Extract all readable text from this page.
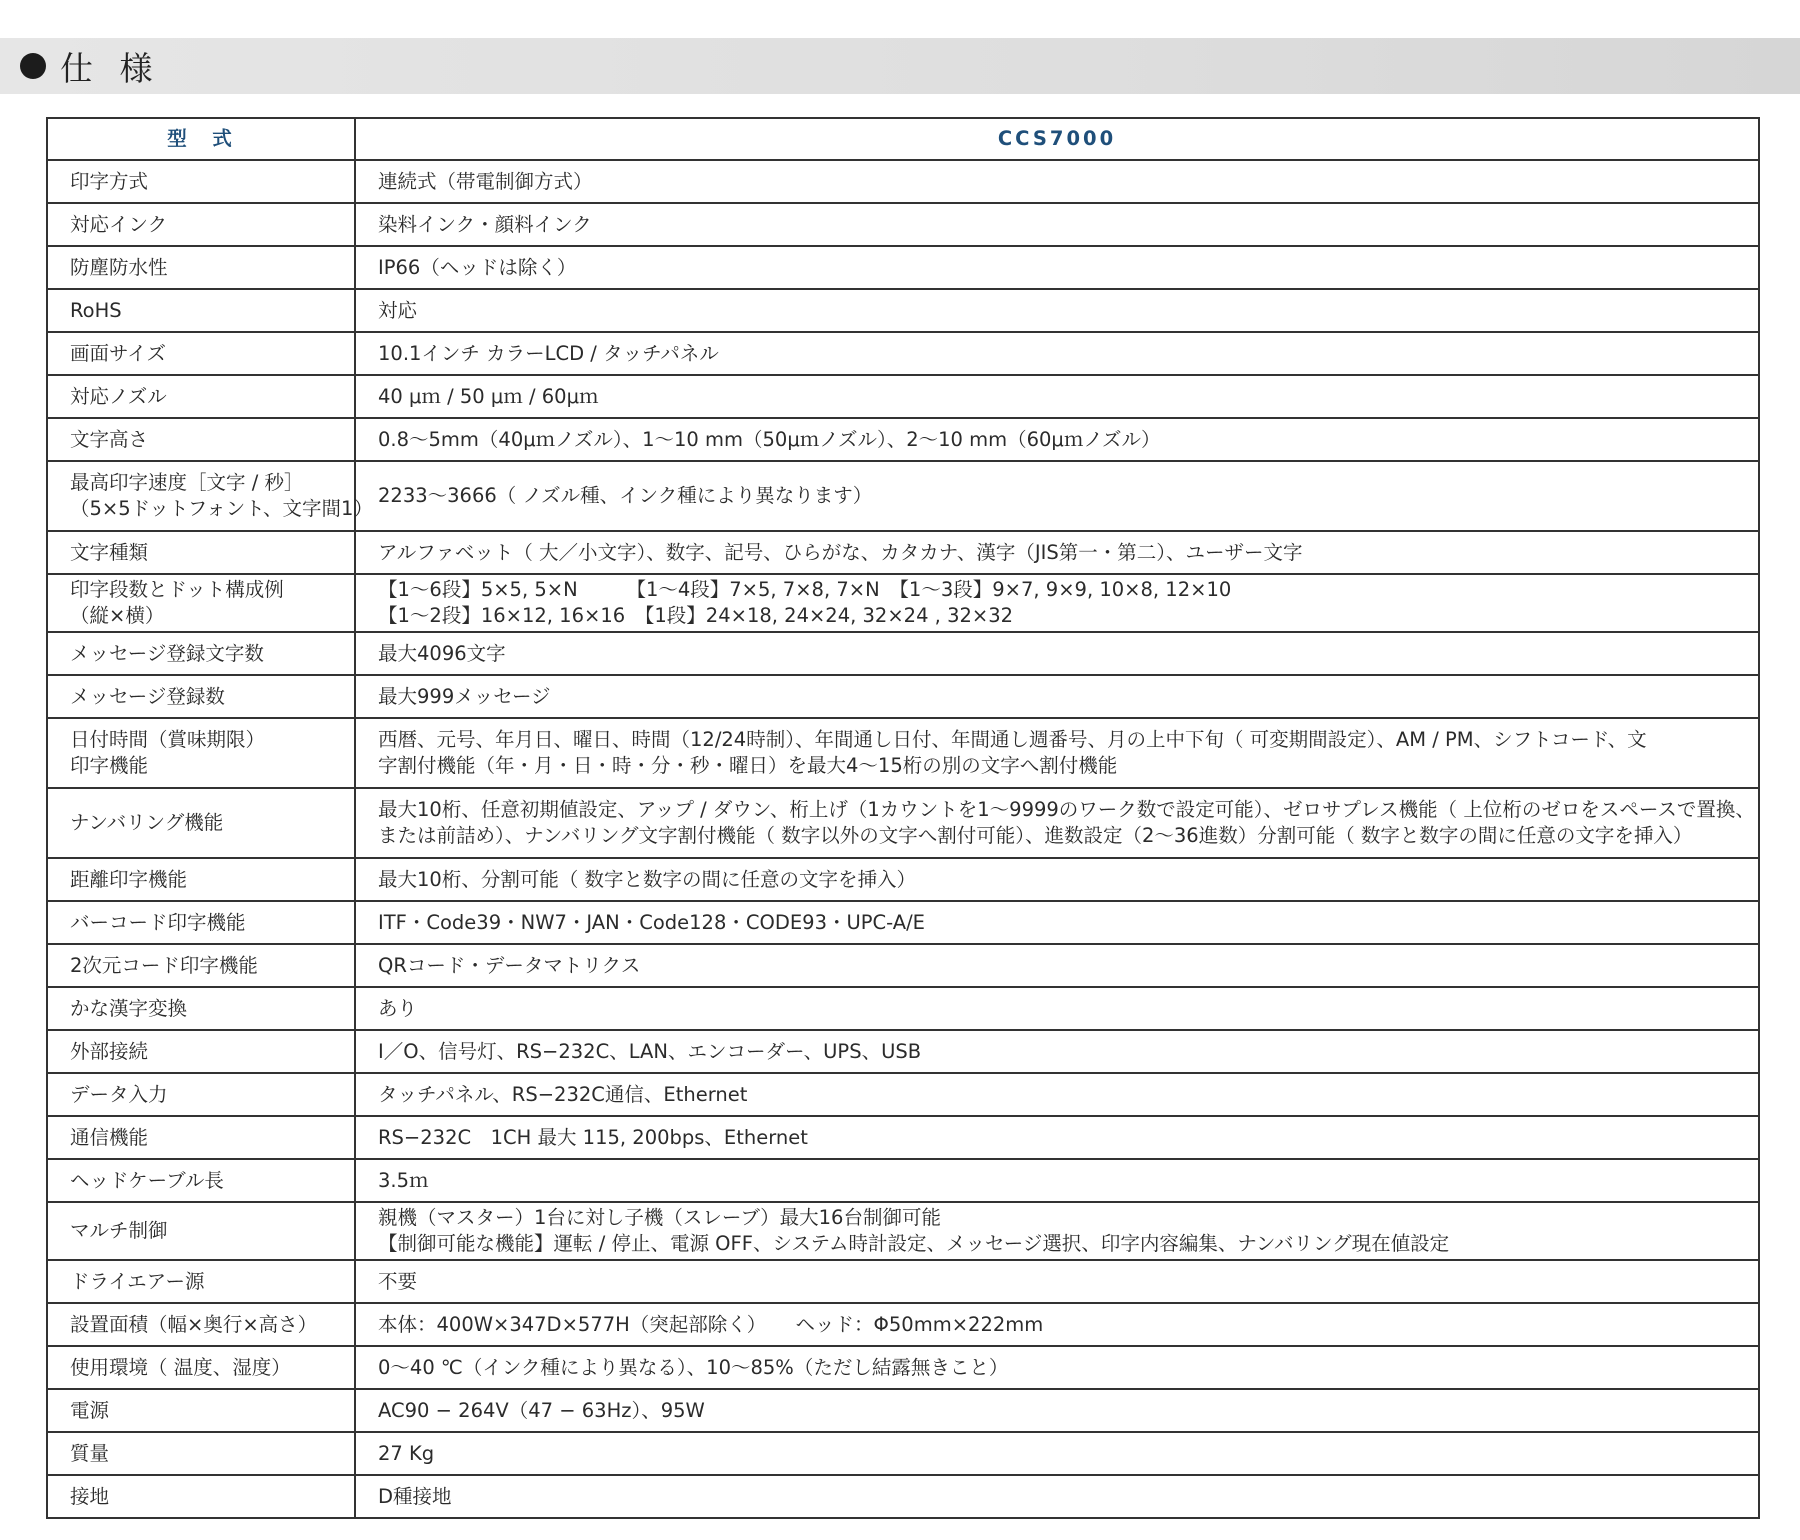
仕 様
型　式	CCS7000

印字方式	連続式（帯電制御方式）

対応インク	染料インク・顔料インク

防塵防水性	IP66（ヘッドは除く）

RoHS	対応

画面サイズ	10.1インチ カラーLCD / タッチパネル

対応ノズル	40 μｍ / 50 μｍ / 60μｍ

文字高さ	0.8〜5mm（40μｍノズル）、1〜10 mm（50μｍノズル）、2〜10 mm（60μｍノズル）

最高印字速度［文字 / 秒］
（5×5ドットフォント、文字間1）	2233〜3666（ ノズル種、インク種により異なります）

文字種類	アルファベット（ 大／小文字）、数字、記号、ひらがな、カタカナ、漢字（JIS第一・第二）、ユーザー文字

印字段数とドット構成例
（縦×横）	【1〜6段】5×5, 5×N　　　【1〜4段】7×5, 7×8, 7×N　【1〜3段】9×7, 9×9, 10×8, 12×10
【1〜2段】16×12, 16×16　【1段】24×18, 24×24, 32×24 , 32×32

メッセージ登録文字数	最大4096文字

メッセージ登録数	最大999メッセージ

日付時間（賞味期限）
印字機能	西暦、元号、年月日、曜日、時間（12/24時制）、年間通し日付、年間通し週番号、月の上中下旬（ 可変期間設定）、AM / PM、シフトコード、文
字割付機能（年・月・日・時・分・秒・曜日）を最大4〜15桁の別の文字へ割付機能

ナンバリング機能	最大10桁、任意初期値設定、アップ / ダウン、桁上げ（1カウントを1〜9999のワーク数で設定可能）、ゼロサプレス機能（ 上位桁のゼロをスペースで置換、
または前詰め）、ナンバリング文字割付機能（ 数字以外の文字へ割付可能）、進数設定（2〜36進数）分割可能（ 数字と数字の間に任意の文字を挿入）

距離印字機能	最大10桁、分割可能（ 数字と数字の間に任意の文字を挿入）

バーコード印字機能	ITF・Code39・NW7・JAN・Code128・CODE93・UPC-A/E

2次元コード印字機能	QRコード・データマトリクス

かな漢字変換	あり

外部接続	I／O、信号灯、RS−232C、LAN、エンコーダー、UPS、USB

データ入力	タッチパネル、RS−232C通信、Ethernet

通信機能	RS−232C　1CH 最大 115, 200bps、Ethernet

ヘッドケーブル長	3.5ｍ

マルチ制御	親機（マスター）1台に対し子機（スレーブ）最大16台制御可能
【制御可能な機能】運転 / 停止、電源 OFF、システム時計設定、メッセージ選択、印字内容編集、ナンバリング現在値設定

ドライエアー源	不要

設置面積（幅×奥行×高さ）	本体：400W×347D×577H（突起部除く）　　ヘッド：Φ50mm×222mm

使用環境（ 温度、湿度）	0〜40 ℃（インク種により異なる）、10〜85%（ただし結露無きこと）

電源	AC90 − 264V（47 − 63Hz）、95W

質量	27 Kg

接地	D種接地
